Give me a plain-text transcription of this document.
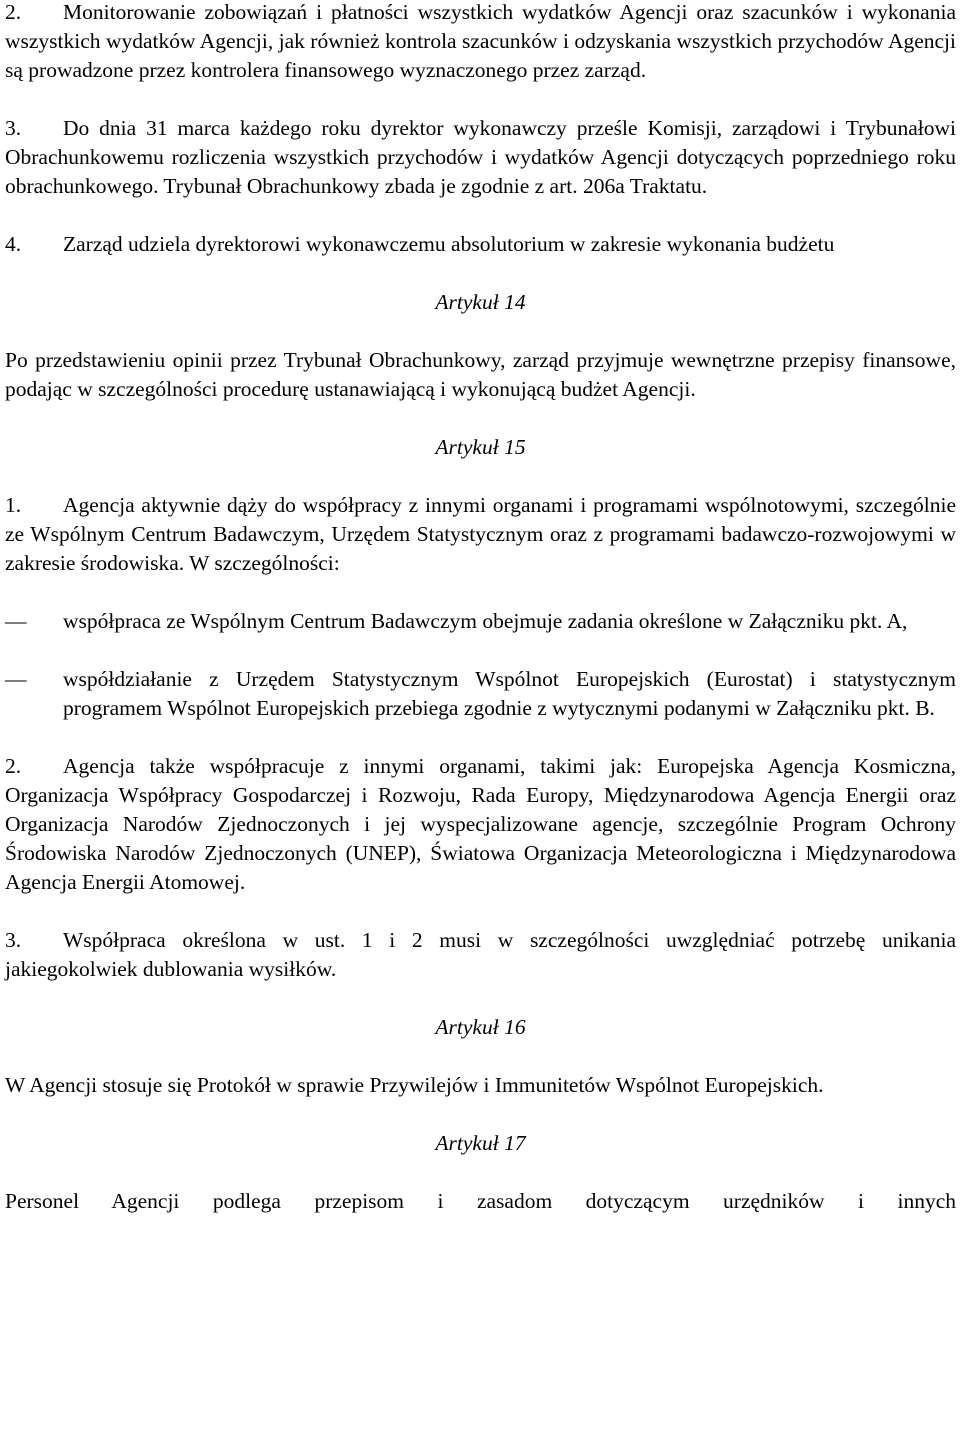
2. Monitorowanie zobowiązań i płatności wszystkich wydatków Agencji oraz szacunków i wykonania wszystkich wydatków Agencji, jak również kontrola szacunków i odzyskania wszystkich przychodów Agencji są prowadzone przez kontrolera finansowego wyznaczonego przez zarząd.

3. Do dnia 31 marca każdego roku dyrektor wykonawczy prześle Komisji, zarządowi i Trybunałowi Obrachunkowemu rozliczenia wszystkich przychodów i wydatków Agencji dotyczących poprzedniego roku obrachunkowego. Trybunał Obrachunkowy zbada je zgodnie z art. 206a Traktatu.

4. Zarząd udziela dyrektorowi wykonawczemu absolutorium w zakresie wykonania budżetu

Artykuł 14

Po przedstawieniu opinii przez Trybunał Obrachunkowy, zarząd przyjmuje wewnętrzne przepisy finansowe, podając w szczególności procedurę ustanawiającą i wykonującą budżet Agencji.

Artykuł 15

1. Agencja aktywnie dąży do współpracy z innymi organami i programami wspólnotowymi, szczególnie ze Wspólnym Centrum Badawczym, Urzędem Statystycznym oraz z programami badawczo-rozwojowymi w zakresie środowiska. W szczególności:

— współpraca ze Wspólnym Centrum Badawczym obejmuje zadania określone w Załączniku pkt. A,

— współdziałanie z Urzędem Statystycznym Wspólnot Europejskich (Eurostat) i statystycznym programem Wspólnot Europejskich przebiega zgodnie z wytycznymi podanymi w Załączniku pkt. B.

2. Agencja także współpracuje z innymi organami, takimi jak: Europejska Agencja Kosmiczna, Organizacja Współpracy Gospodarczej i Rozwoju, Rada Europy, Międzynarodowa Agencja Energii oraz Organizacja Narodów Zjednoczonych i jej wyspecjalizowane agencje, szczególnie Program Ochrony Środowiska Narodów Zjednoczonych (UNEP), Światowa Organizacja Meteorologiczna i Międzynarodowa Agencja Energii Atomowej.

3. Współpraca określona w ust. 1 i 2 musi w szczególności uwzględniać potrzebę unikania jakiegokolwiek dublowania wysiłków.

Artykuł 16

W Agencji stosuje się Protokół w sprawie Przywilejów i Immunitetów Wspólnot Europejskich.

Artykuł 17

Personel Agencji podlega przepisom i zasadom dotyczącym urzędników i innych
